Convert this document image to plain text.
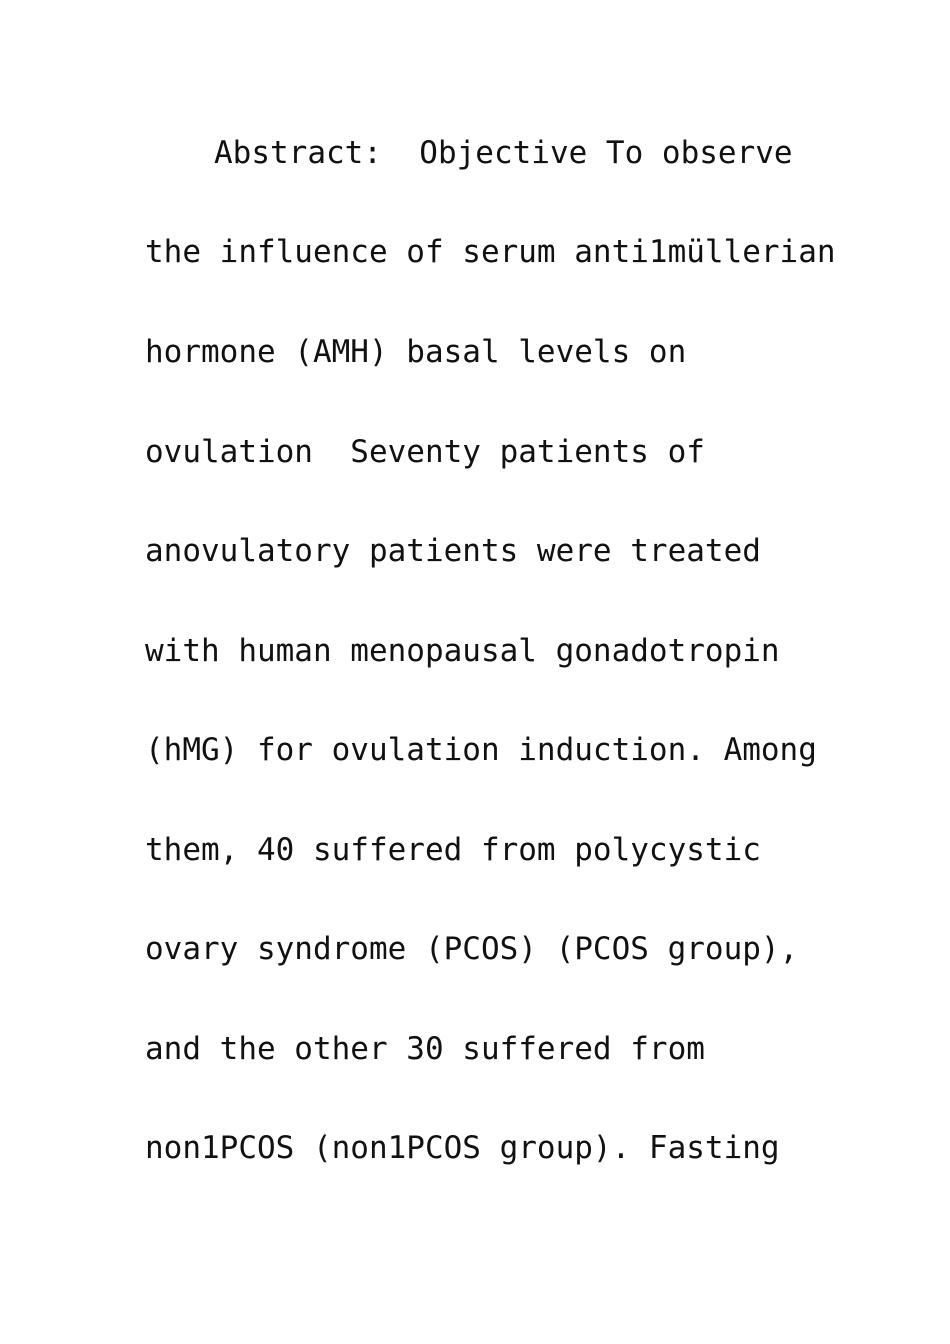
Abstract:  Objective To observe

the influence of serum anti1müllerian

hormone (AMH) basal levels on

ovulation  Seventy patients of

anovulatory patients were treated

with human menopausal gonadotropin

(hMG) for ovulation induction. Among

them, 40 suffered from polycystic

ovary syndrome (PCOS) (PCOS group),

and the other 30 suffered from

non1PCOS (non1PCOS group). Fasting
